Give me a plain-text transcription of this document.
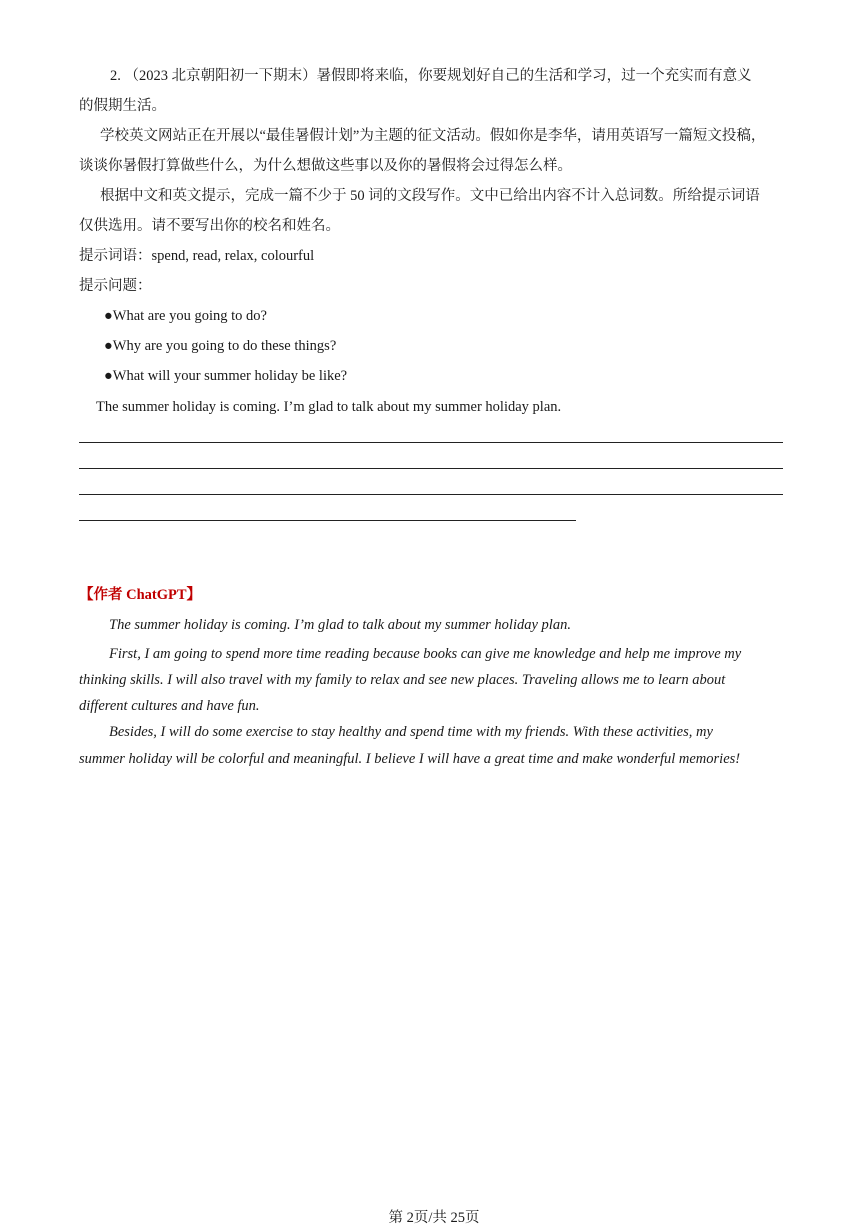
2. （2023 北京朝阳初一下期末）暑假即将来临，你要规划好自己的生活和学习，过一个充实而有意义
的假期生活。
学校英文网站正在开展以“最佳暑假计划”为主题的征文活动。假如你是李华，请用英语写一篇短文投稿，
谈谈你暑假打算做些什么，为什么想做这些事以及你的暑假将会过得怎么样。
根据中文和英文提示，完成一篇不少于 50 词的文段写作。文中已给出内容不计入总词数。所给提示词语
仅供选用。请不要写出你的校名和姓名。
提示词语：spend, read, relax, colourful
提示问题：
●What are you going to do?
●Why are you going to do these things?
●What will your summer holiday be like?
The summer holiday is coming. I’m glad to talk about my summer holiday plan.
【作者 ChatGPT】
The summer holiday is coming. I’m glad to talk about my summer holiday plan.
First, I am going to spend more time reading because books can give me knowledge and help me improve my
thinking skills. I will also travel with my family to relax and see new places. Traveling allows me to learn about
different cultures and have fun.
Besides, I will do some exercise to stay healthy and spend time with my friends. With these activities, my
summer holiday will be colorful and meaningful. I believe I will have a great time and make wonderful memories!
第 2页/共 25页
